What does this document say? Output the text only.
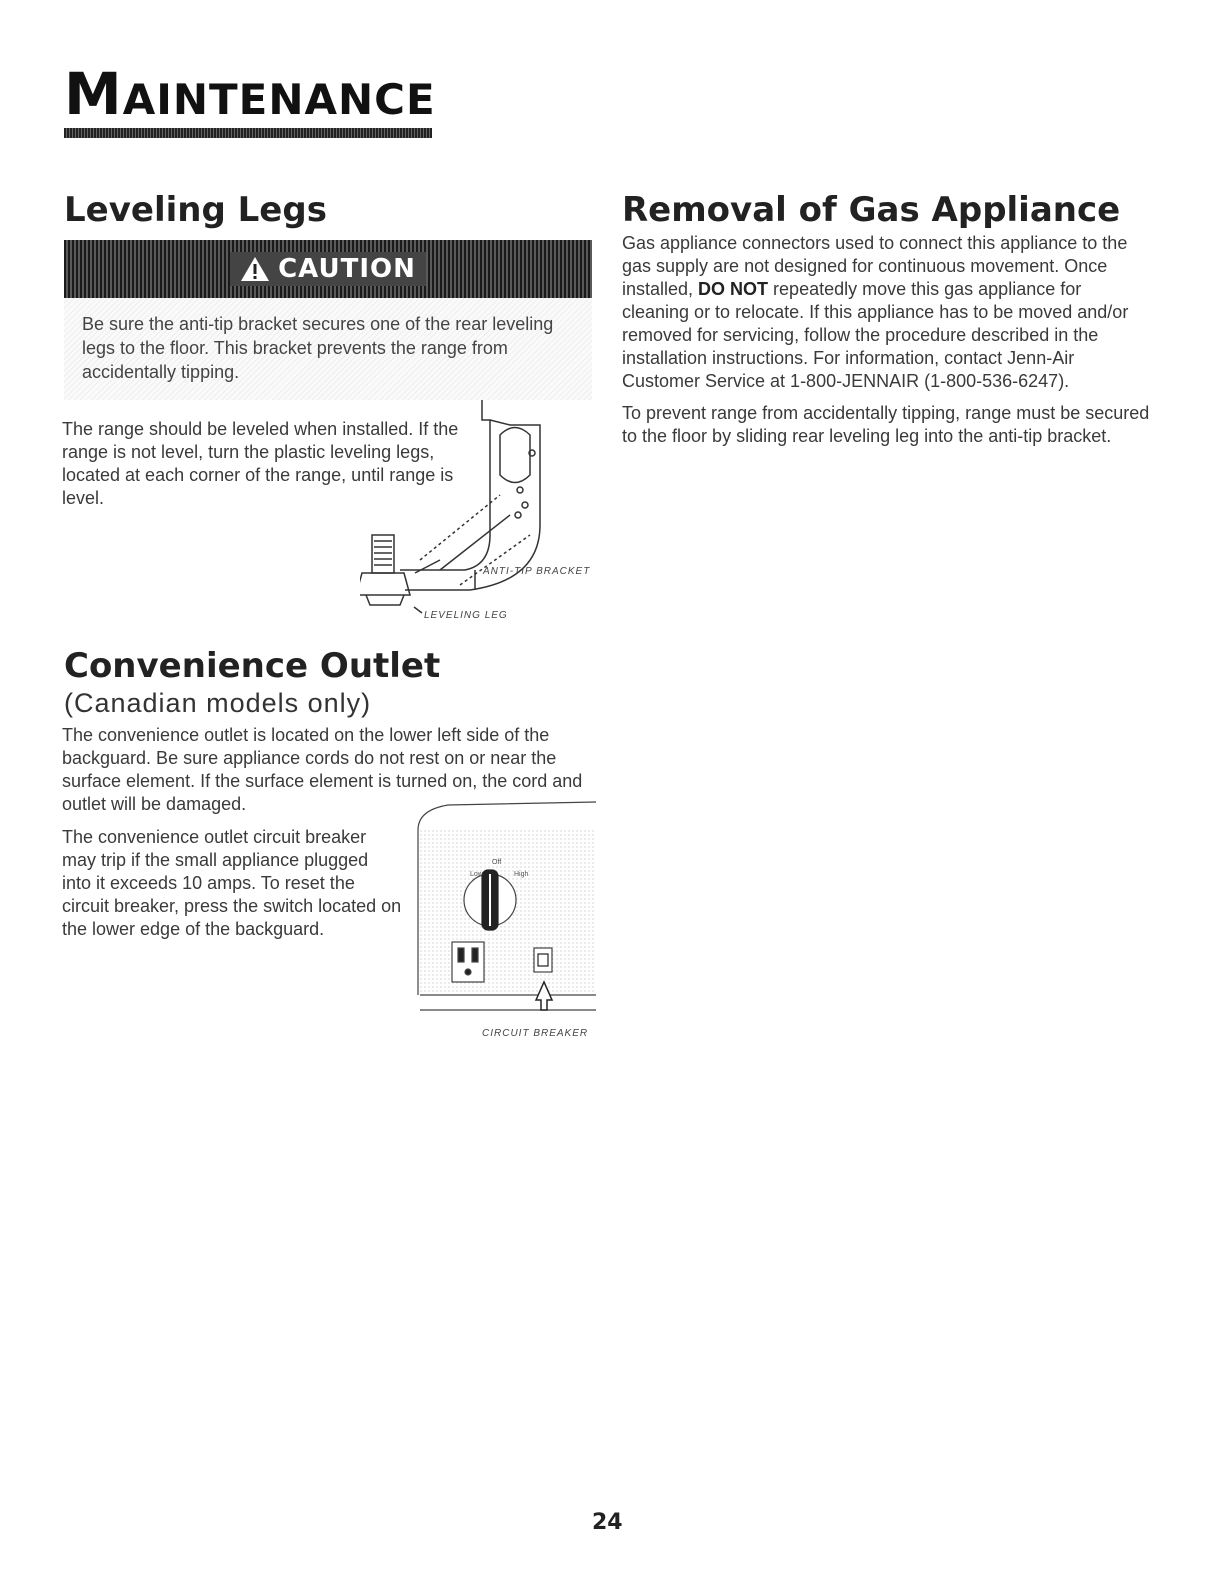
MAINTENANCE
Leveling Legs
CAUTION

Be sure the anti-tip bracket secures one of the rear leveling legs to the floor. This bracket prevents the range from accidentally tipping.

The range should be leveled when installed. If the range is not level, turn the plastic leveling legs, located at each corner of the range, until range is level.

ANTI-TIP BRACKET
LEVELING LEG
Convenience Outlet

(Canadian models only)

The convenience outlet is located on the lower left side of the backguard. Be sure appliance cords do not rest on or near the surface element. If the surface element is turned on, the cord and outlet will be damaged.

The convenience outlet circuit breaker may trip if the small appliance plugged into it exceeds 10 amps. To reset the circuit breaker, press the switch located on the lower edge of the backguard.

Low
Off
High
CIRCUIT BREAKER
Removal of Gas Appliance

Gas appliance connectors used to connect this appliance to the gas supply are not designed for continuous movement. Once installed, DO NOT repeatedly move this gas appliance for cleaning or to relocate. If this appliance has to be moved and/or removed for servicing, follow the procedure described in the installation instructions. For information, contact Jenn-Air Customer Service at 1-800-JENNAIR (1-800-536-6247).

To prevent range from accidentally tipping, range must be secured to the floor by sliding rear leveling leg into the anti-tip bracket.

24
